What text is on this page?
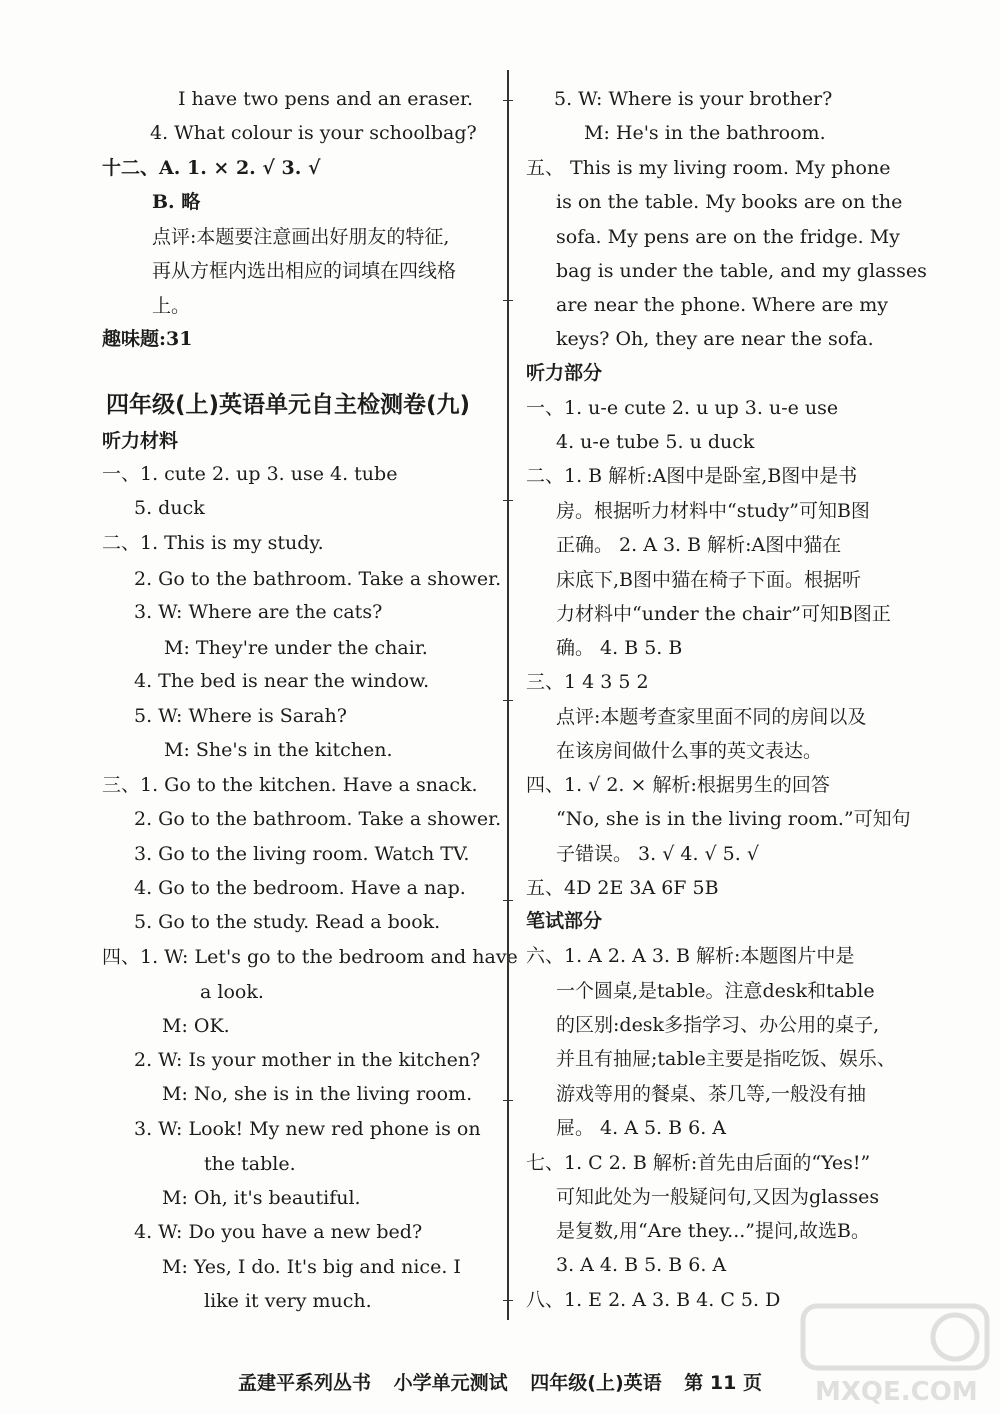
I have two pens and an eraser.
4. What colour is your schoolbag?
十二、A. 1. × 2. √ 3. √
B. 略
点评:本题要注意画出好朋友的特征,
再从方框内选出相应的词填在四线格
上。
趣味题:31
四年级(上)英语单元自主检测卷(九)
听力材料
一、1. cute 2. up 3. use 4. tube
5. duck
二、1. This is my study.
2. Go to the bathroom. Take a shower.
3. W: Where are the cats?
M: They're under the chair.
4. The bed is near the window.
5. W: Where is Sarah?
M: She's in the kitchen.
三、1. Go to the kitchen. Have a snack.
2. Go to the bathroom. Take a shower.
3. Go to the living room. Watch TV.
4. Go to the bedroom. Have a nap.
5. Go to the study. Read a book.
四、1. W: Let's go to the bedroom and have
a look.
M: OK.
2. W: Is your mother in the kitchen?
M: No, she is in the living room.
3. W: Look! My new red phone is on
the table.
M: Oh, it's beautiful.
4. W: Do you have a new bed?
M: Yes, I do. It's big and nice. I
like it very much.
5. W: Where is your brother?
M: He's in the bathroom.
五、 This is my living room. My phone
is on the table. My books are on the
sofa. My pens are on the fridge. My
bag is under the table, and my glasses
are near the phone. Where are my
keys? Oh, they are near the sofa.
听力部分
一、1. u-e cute 2. u up 3. u-e use
4. u-e tube 5. u duck
二、1. B 解析:A图中是卧室,B图中是书
房。根据听力材料中“study”可知B图
正确。 2. A 3. B 解析:A图中猫在
床底下,B图中猫在椅子下面。根据听
力材料中“under the chair”可知B图正
确。 4. B 5. B
三、1 4 3 5 2
点评:本题考查家里面不同的房间以及
在该房间做什么事的英文表达。
四、1. √ 2. × 解析:根据男生的回答
“No, she is in the living room.”可知句
子错误。 3. √ 4. √ 5. √
五、4D 2E 3A 6F 5B
笔试部分
六、1. A 2. A 3. B 解析:本题图片中是
一个圆桌,是table。注意desk和table
的区别:desk多指学习、办公用的桌子,
并且有抽屉;table主要是指吃饭、娱乐、
游戏等用的餐桌、茶几等,一般没有抽
屉。 4. A 5. B 6. A
七、1. C 2. B 解析:首先由后面的“Yes!”
可知此处为一般疑问句,又因为glasses
是复数,用“Are they...”提问,故选B。
3. A 4. B 5. B 6. A
八、1. E 2. A 3. B 4. C 5. D
孟建平系列丛书 小学单元测试 四年级(上)英语 第 11 页	MXQE.COM
